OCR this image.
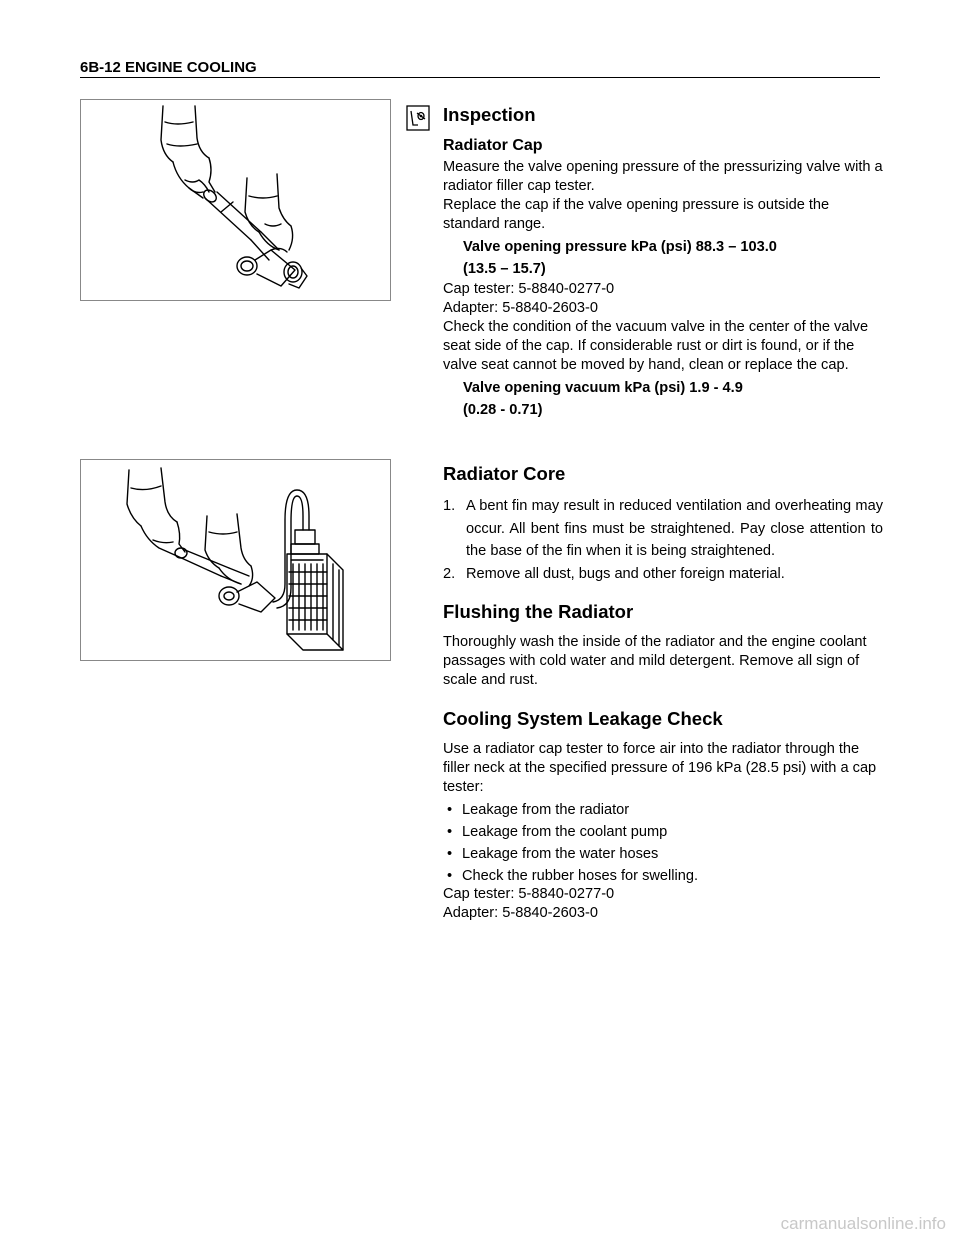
6B-12 ENGINE COOLING
Inspection
Radiator Cap

Measure the valve opening pressure of the pressurizing valve with a radiator filler cap tester.

Replace the cap if the valve opening pressure is outside the standard range.

Valve opening pressure kPa (psi) 88.3 – 103.0

(13.5 – 15.7)

Cap tester: 5-8840-0277-0

Adapter: 5-8840-2603-0

Check the condition of the vacuum valve in the center of the valve seat side of the cap. If considerable rust or dirt is found, or if the valve seat cannot be moved by hand, clean or replace the cap.

Valve opening vacuum kPa (psi) 1.9 - 4.9

(0.28 - 0.71)

Radiator Core
1. A bent fin may result in reduced ventilation and overheating may occur. All bent fins must be straightened. Pay close attention to the base of the fin when it is being straightened.
2. Remove all dust, bugs and other foreign material.
Flushing the Radiator

Thoroughly wash the inside of the radiator and the engine coolant passages with cold water and mild detergent. Remove all sign of scale and rust.

Cooling System Leakage Check

Use a radiator cap tester to force air into the radiator through the filler neck at the specified pressure of 196 kPa (28.5 psi) with a cap tester:

• Leakage from the radiator
• Leakage from the coolant pump
• Leakage from the water hoses
• Check the rubber hoses for swelling.

Cap tester: 5-8840-0277-0

Adapter: 5-8840-2603-0

carmanualsonline.info
